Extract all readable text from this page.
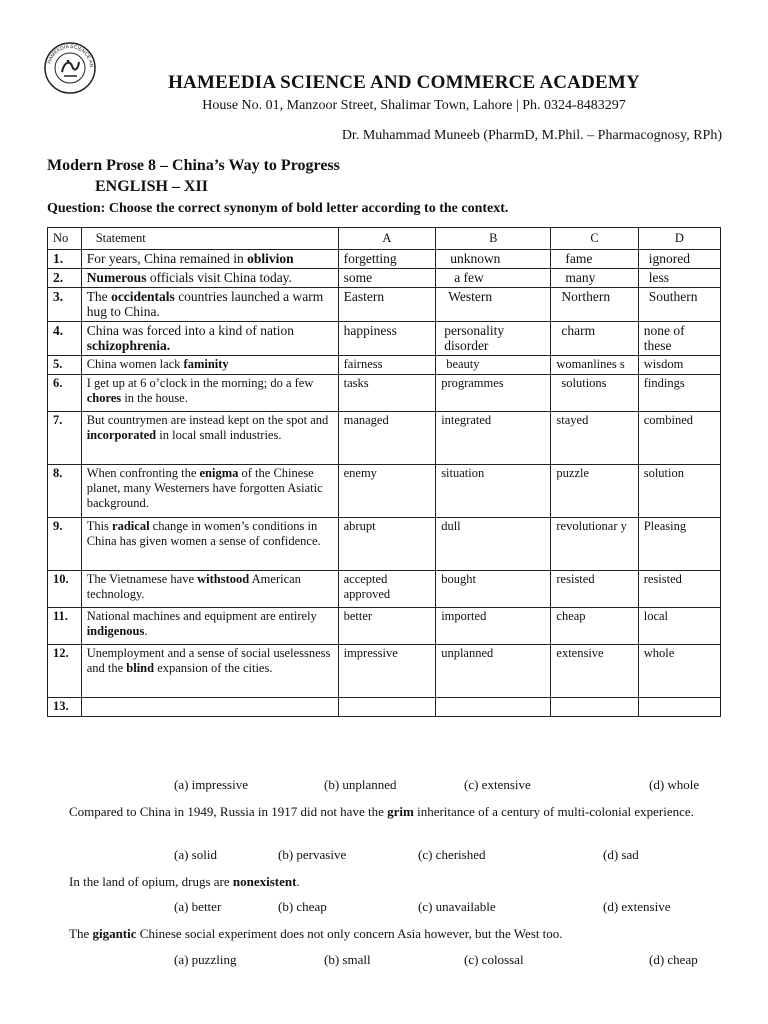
HAMEEDIA SCIENCE AN
HAMEEDIA SCIENCE AND COMMERCE ACADEMY
House No. 01, Manzoor Street, Shalimar Town, Lahore | Ph. 0324-8483297
Dr. Muhammad Muneeb (PharmD, M.Phil. – Pharmacognosy, RPh)
Modern Prose 8 – China’s Way to Progress
ENGLISH – XII
Question: Choose the correct synonym of bold letter according to the context.
No	Statement	A	B	C	D
1.	For years, China remained in oblivion	forgetting	unknown	fame	ignored
2.	Numerous officials visit China today.	some	a few	many	less
3.	The occidentals countries launched a warm hug to China.	Eastern	Western	Northern	Southern
4.	China was forced into a kind of nation schizophrenia.	happiness	personality disorder	charm	none of these
5.	China women lack faminity	fairness	beauty	womanlines s	wisdom
6.	I get up at 6 o’clock in the morning; do a few chores in the house.	tasks	programmes	solutions	findings
7.	But countrymen are instead kept on the spot and incorporated in local small industries.	managed	integrated	stayed	combined
8.	When confronting the enigma of the Chinese planet, many Westerners have forgotten Asiatic background.	enemy	situation	puzzle	solution
9.	This radical change in women’s conditions in China has given women a sense of confidence.	abrupt	dull	revolutionar y	Pleasing
10.	The Vietnamese have withstood American technology.	accepted approved	bought	resisted	resisted
11.	National machines and equipment are entirely indigenous.	better	imported	cheap	local
12.	Unemployment and a sense of social uselessness and the blind expansion of the cities.	impressive	unplanned	extensive	whole
13.					
(a) impressive	(b) unplanned	(c) extensive	(d) whole
Compared to China in 1949, Russia in 1917 did not have the grim inheritance of a century of multi-colonial experience.
(a) solid	(b) pervasive	(c) cherished	(d) sad
In the land of opium, drugs are nonexistent.
(a) better	(b) cheap	(c) unavailable	(d) extensive
The gigantic Chinese social experiment does not only concern Asia however, but the West too.
(a) puzzling	(b) small	(c) colossal	(d) cheap
